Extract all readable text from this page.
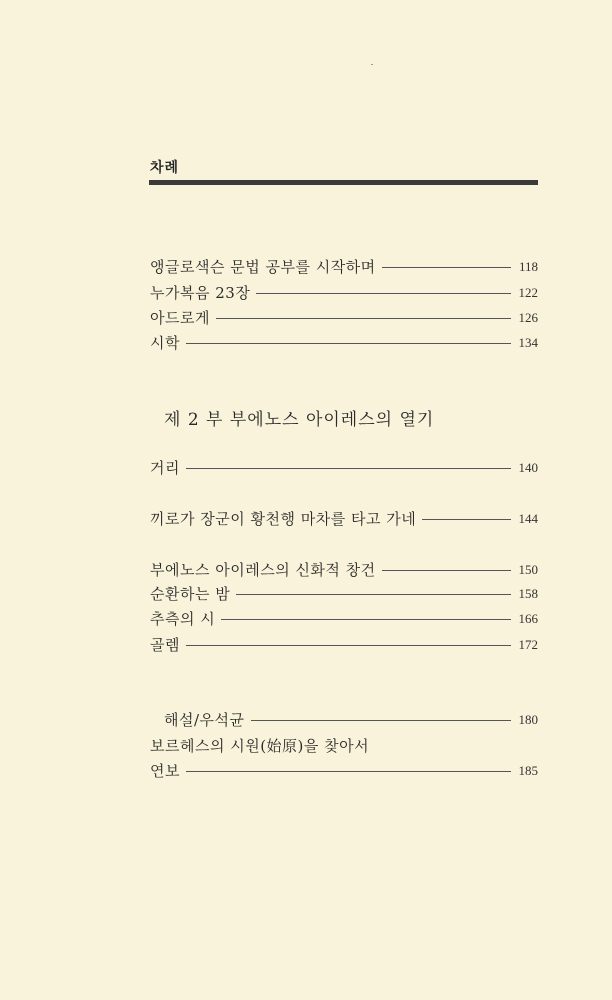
차례
앵글로색슨 문법 공부를 시작하며	118
누가복음 23장	122
아드로게	126
시학	134
제 2 부 부에노스 아이레스의 열기
거리	140
끼로가 장군이 황천행 마차를 타고 가네	144
부에노스 아이레스의 신화적 창건	150
순환하는 밤	158
추측의 시	166
골렘	172
해설/우석균	180
보르헤스의 시원(始原)을 찾아서
연보	185
